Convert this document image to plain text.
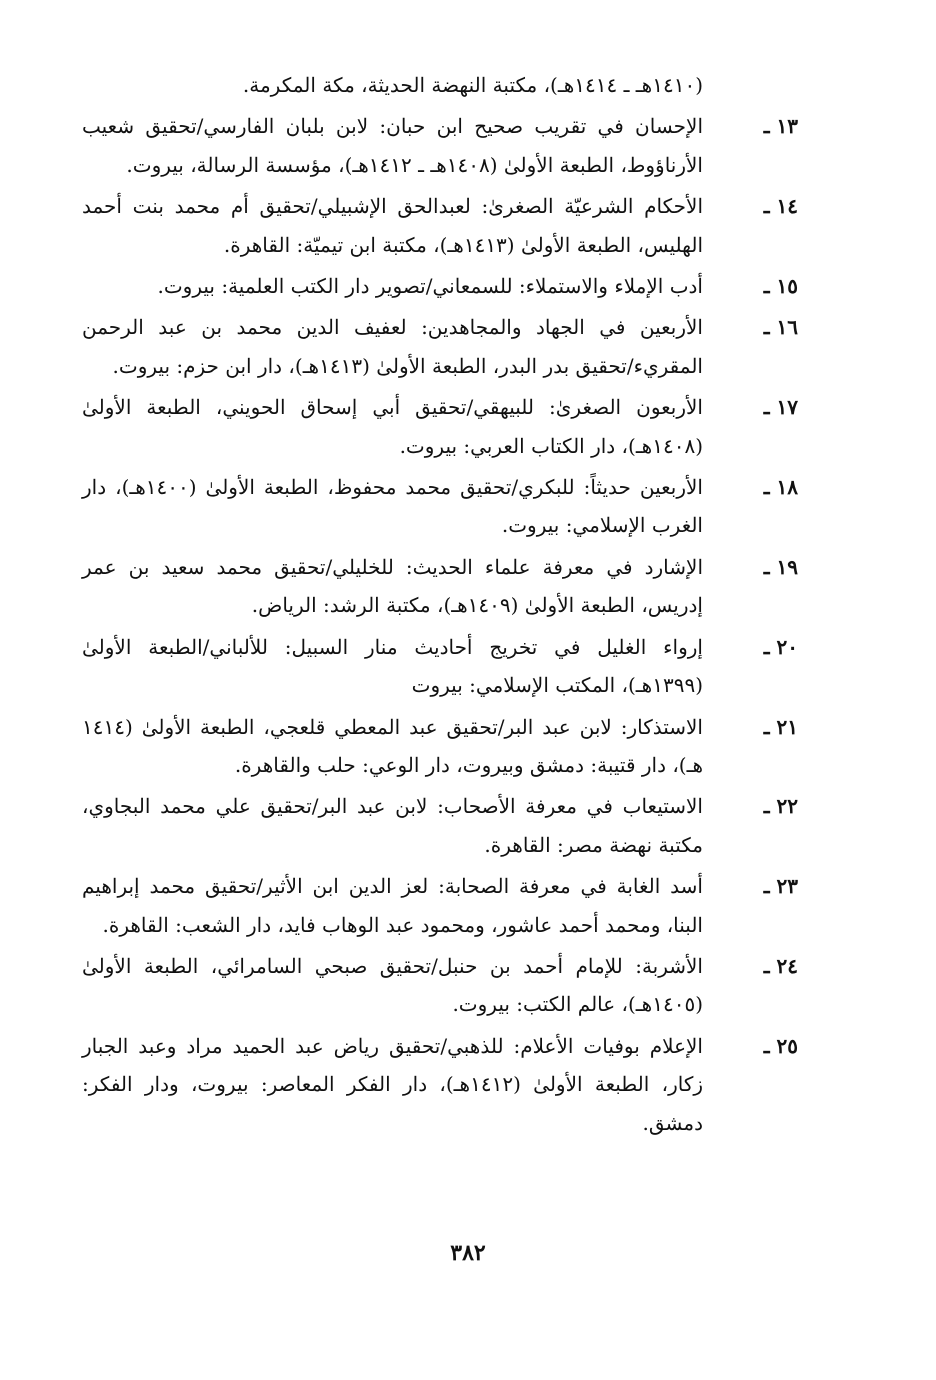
(١٤١٠هـ ـ ١٤١٤هـ)، مكتبة النهضة الحديثة، مكة المكرمة.
١٣ ـ
الإحسان في تقريب صحيح ابن حبان: لابن بلبان الفارسي/تحقيق شعيب الأرناؤوط، الطبعة الأولىٰ (١٤٠٨هـ ـ ١٤١٢هـ)، مؤسسة الرسالة، بيروت.
١٤ ـ
الأحكام الشرعيّة الصغرىٰ: لعبدالحق الإشبيلي/تحقيق أم محمد بنت أحمد الهليس، الطبعة الأولىٰ (١٤١٣هـ)، مكتبة ابن تيميّة: القاهرة.
١٥ ـ
أدب الإملاء والاستملاء: للسمعاني/تصوير دار الكتب العلمية: بيروت.
١٦ ـ
الأربعين في الجهاد والمجاهدين: لعفيف الدين محمد بن عبد الرحمن المقريء/تحقيق بدر البدر، الطبعة الأولىٰ (١٤١٣هـ)، دار ابن حزم: بيروت.
١٧ ـ
الأربعون الصغرىٰ: للبيهقي/تحقيق أبي إسحاق الحويني، الطبعة الأولىٰ (١٤٠٨هـ)، دار الكتاب العربي: بيروت.
١٨ ـ
الأربعين حديثاً: للبكري/تحقيق محمد محفوظ، الطبعة الأولىٰ (١٤٠٠هـ)، دار الغرب الإسلامي: بيروت.
١٩ ـ
الإشارد في معرفة علماء الحديث: للخليلي/تحقيق محمد سعيد بن عمر إدريس، الطبعة الأولىٰ (١٤٠٩هـ)، مكتبة الرشد: الرياض.
٢٠ ـ
إرواء الغليل في تخريج أحاديث منار السبيل: للألباني/الطبعة الأولىٰ (١٣٩٩هـ)، المكتب الإسلامي: بيروت
٢١ ـ
الاستذكار: لابن عبد البر/تحقيق عبد المعطي قلعجي، الطبعة الأولىٰ (١٤١٤ هـ)، دار قتيبة: دمشق وبيروت، دار الوعي: حلب والقاهرة.
٢٢ ـ
الاستيعاب في معرفة الأصحاب: لابن عبد البر/تحقيق علي محمد البجاوي، مكتبة نهضة مصر: القاهرة.
٢٣ ـ
أسد الغابة في معرفة الصحابة: لعز الدين ابن الأثير/تحقيق محمد إبراهيم البنا، ومحمد أحمد عاشور، ومحمود عبد الوهاب فايد، دار الشعب: القاهرة.
٢٤ ـ
الأشربة: للإمام أحمد بن حنبل/تحقيق صبحي السامرائي، الطبعة الأولىٰ (١٤٠٥هـ)، عالم الكتب: بيروت.
٢٥ ـ
الإعلام بوفيات الأعلام: للذهبي/تحقيق رياض عبد الحميد مراد وعبد الجبار زكار، الطبعة الأولىٰ (١٤١٢هـ)، دار الفكر المعاصر: بيروت، ودار الفكر: دمشق.
٣٨٢
